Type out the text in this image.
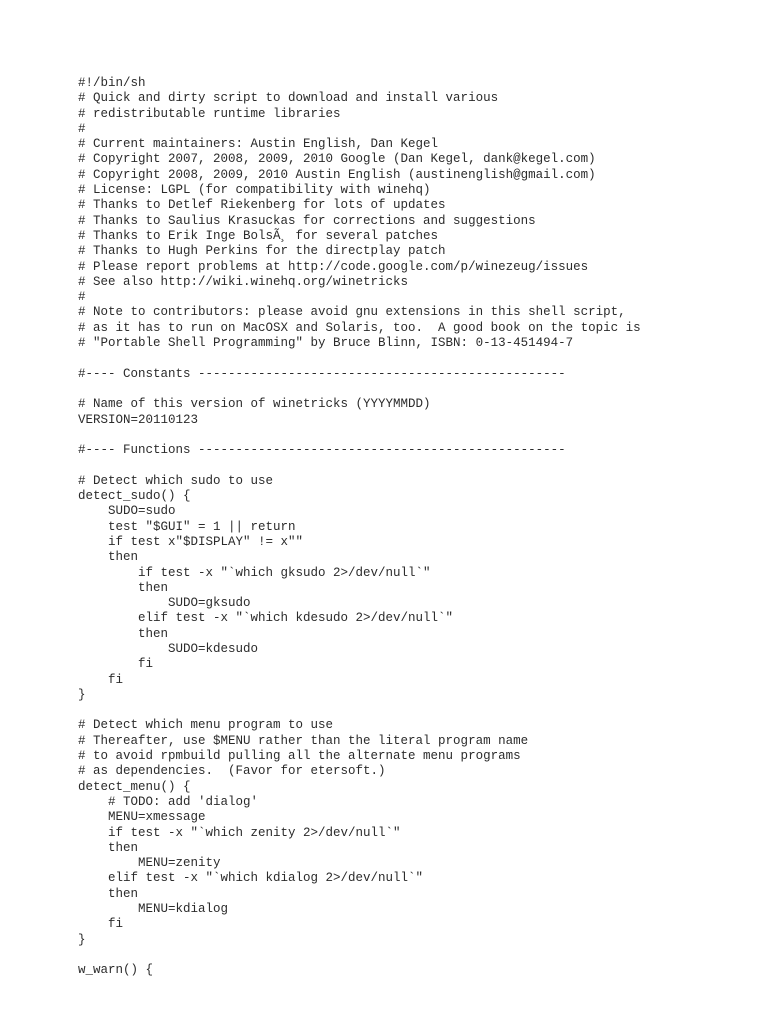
#!/bin/sh
# Quick and dirty script to download and install various
# redistributable runtime libraries
#
# Current maintainers: Austin English, Dan Kegel
# Copyright 2007, 2008, 2009, 2010 Google (Dan Kegel, dank@kegel.com)
# Copyright 2008, 2009, 2010 Austin English (austinenglish@gmail.com)
# License: LGPL (for compatibility with winehq)
# Thanks to Detlef Riekenberg for lots of updates
# Thanks to Saulius Krasuckas for corrections and suggestions
# Thanks to Erik Inge BolsÃ¸ for several patches
# Thanks to Hugh Perkins for the directplay patch
# Please report problems at http://code.google.com/p/winezeug/issues
# See also http://wiki.winehq.org/winetricks
#
# Note to contributors: please avoid gnu extensions in this shell script,
# as it has to run on MacOSX and Solaris, too.  A good book on the topic is
# "Portable Shell Programming" by Bruce Blinn, ISBN: 0-13-451494-7
#---- Constants -------------------------------------------------
# Name of this version of winetricks (YYYYMMDD)
VERSION=20110123
#---- Functions -------------------------------------------------
# Detect which sudo to use
detect_sudo() {
SUDO=sudo
test "$GUI" = 1 || return
if test x"$DISPLAY" != x""
then
if test -x "`which gksudo 2>/dev/null`"
then
SUDO=gksudo
elif test -x "`which kdesudo 2>/dev/null`"
then
SUDO=kdesudo
fi
fi
}
# Detect which menu program to use
# Thereafter, use $MENU rather than the literal program name
# to avoid rpmbuild pulling all the alternate menu programs
# as dependencies.  (Favor for etersoft.)
detect_menu() {
# TODO: add 'dialog'
MENU=xmessage
if test -x "`which zenity 2>/dev/null`"
then
MENU=zenity
elif test -x "`which kdialog 2>/dev/null`"
then
MENU=kdialog
fi
}
w_warn() {
